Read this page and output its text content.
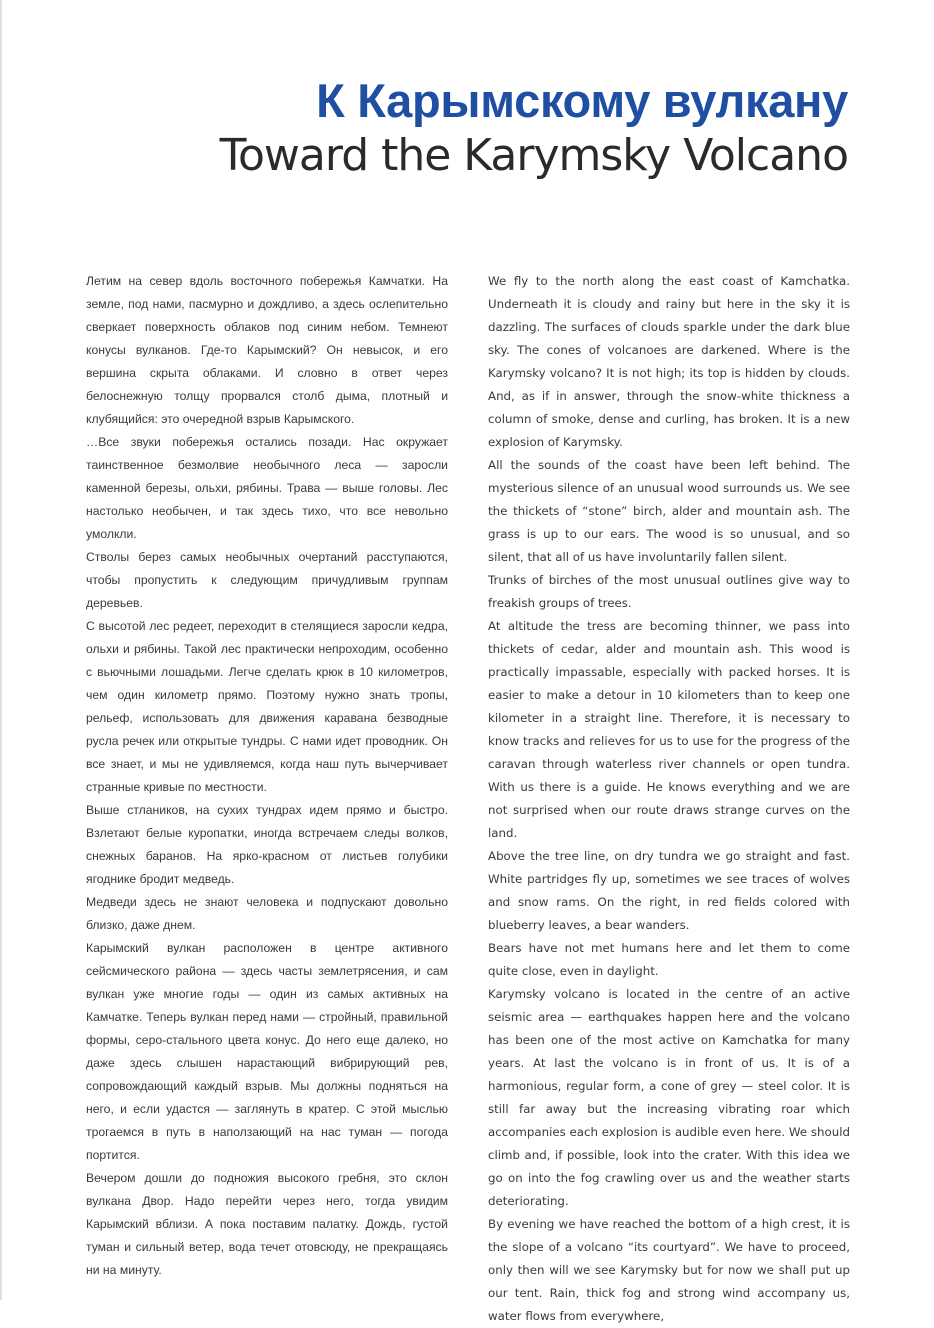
К Карымскому вулкану
Toward the Karymsky Volcano

Летим на север вдоль восточного побережья Камчатки. На земле, под нами, пасмурно и дождливо, а здесь ослепительно сверкает поверхность облаков под синим небом. Темнеют конусы вулканов. Где-то Карымский? Он невысок, и его вершина скрыта облаками. И словно в ответ через белоснежную толщу прорвался столб дыма, плотный и клубящийся: это очередной взрыв Карымского.

…Все звуки побережья остались позади. Нас окружает таинственное безмолвие необычного леса — заросли каменной березы, ольхи, рябины. Трава — выше головы. Лес настолько необычен, и так здесь тихо, что все невольно умолкли.

Стволы берез самых необычных очертаний расступаются, чтобы пропустить к следующим причудливым группам деревьев.

С высотой лес редеет, переходит в стелящиеся заросли кедра, ольхи и рябины. Такой лес практически непроходим, особенно с вьючными лошадьми. Легче сделать крюк в 10 километров, чем один километр прямо. Поэтому нужно знать тропы, рельеф, использовать для движения каравана безводные русла речек или открытые тундры. С нами идет проводник. Он все знает, и мы не удивляемся, когда наш путь вычерчивает странные кривые по местности.

Выше стлаников, на сухих тундрах идем прямо и быстро. Взлетают белые куропатки, иногда встречаем следы волков, снежных баранов. На ярко-красном от листьев голубики ягоднике бродит медведь.

Медведи здесь не знают человека и подпускают довольно близко, даже днем.

Карымский вулкан расположен в центре активного сейсмического района — здесь часты землетрясения, и сам вулкан уже многие годы — один из самых активных на Камчатке. Теперь вулкан перед нами — стройный, правильной формы, серо-стального цвета конус. До него еще далеко, но даже здесь слышен нарастающий вибрирующий рев, сопровождающий каждый взрыв. Мы должны подняться на него, и если удастся — заглянуть в кратер. С этой мыслью трогаемся в путь в наползающий на нас туман — погода портится.

Вечером дошли до подножия высокого гребня, это склон вулкана Двор. Надо перейти через него, тогда увидим Карымский вблизи. А пока поставим палатку. Дождь, густой туман и сильный ветер, вода течет отовсюду, не прекращаясь ни на минуту.

We fly to the north along the east coast of Kamchatka. Underneath it is cloudy and rainy but here in the sky it is dazzling. The surfaces of clouds sparkle under the dark blue sky. The cones of volcanoes are darkened. Where is the Karymsky volcano? It is not high; its top is hidden by clouds. And, as if in answer, through the snow-white thickness a column of smoke, dense and curling, has broken. It is a new explosion of Karymsky.

All the sounds of the coast have been left behind. The mysterious silence of an unusual wood surrounds us. We see the thickets of “stone” birch, alder and mountain ash. The grass is up to our ears. The wood is so unusual, and so silent, that all of us have involuntarily fallen silent.

Trunks of birches of the most unusual outlines give way to freakish groups of trees.

At altitude the tress are becoming thinner, we pass into thickets of cedar, alder and mountain ash. This wood is practically impassable, especially with packed horses. It is easier to make a detour in 10 kilometers than to keep one kilometer in a straight line. Therefore, it is necessary to know tracks and relieves for us to use for the progress of the caravan through waterless river channels or open tundra. With us there is a guide. He knows everything and we are not surprised when our route draws strange curves on the land.

Above the tree line, on dry tundra we go straight and fast. White partridges fly up, sometimes we see traces of wolves and snow rams. On the right, in red fields colored with blueberry leaves, a bear wanders.

Bears have not met humans here and let them to come quite close, even in daylight.

Karymsky volcano is located in the centre of an active seismic area — earthquakes happen here and the volcano has been one of the most active on Kamchatka for many years. At last the volcano is in front of us. It is of a harmonious, regular form, a cone of grey — steel color. It is still far away but the increasing vibrating roar which accompanies each explosion is audible even here. We should climb and, if possible, look into the crater. With this idea we go on into the fog crawling over us and the weather starts deteriorating.

By evening we have reached the bottom of a high crest, it is the slope of a volcano “its courtyard”. We have to proceed, only then will we see Karymsky but for now we shall put up our tent. Rain, thick fog and strong wind accompany us, water flows from everywhere,
